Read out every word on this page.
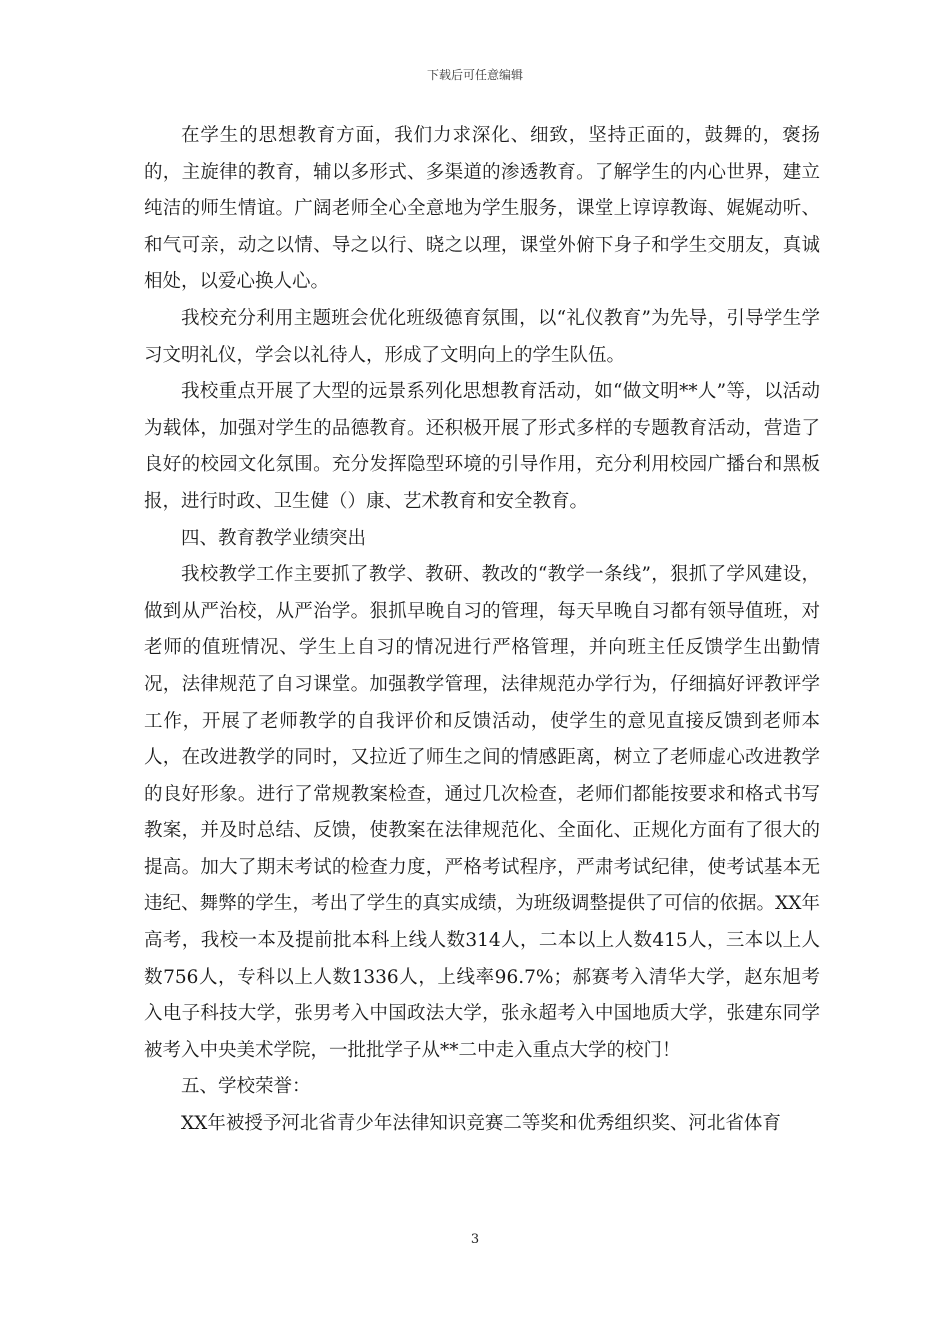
下载后可任意编辑

在学生的思想教育方面，我们力求深化、细致，坚持正面的，鼓舞的，褒扬的，主旋律的教育，辅以多形式、多渠道的渗透教育。了解学生的内心世界，建立纯洁的师生情谊。广阔老师全心全意地为学生服务，课堂上谆谆教诲、娓娓动听、和气可亲，动之以情、导之以行、晓之以理，课堂外俯下身子和学生交朋友，真诚相处，以爱心换人心。

我校充分利用主题班会优化班级德育氛围，以“礼仪教育”为先导，引导学生学习文明礼仪，学会以礼待人，形成了文明向上的学生队伍。

我校重点开展了大型的远景系列化思想教育活动，如“做文明**人”等，以活动为载体，加强对学生的品德教育。还积极开展了形式多样的专题教育活动，营造了良好的校园文化氛围。充分发挥隐型环境的引导作用，充分利用校园广播台和黑板报，进行时政、卫生健（）康、艺术教育和安全教育。

四、教育教学业绩突出

我校教学工作主要抓了教学、教研、教改的“教学一条线”，狠抓了学风建设，做到从严治校，从严治学。狠抓早晚自习的管理，每天早晚自习都有领导值班，对老师的值班情况、学生上自习的情况进行严格管理，并向班主任反馈学生出勤情况，法律规范了自习课堂。加强教学管理，法律规范办学行为，仔细搞好评教评学工作，开展了老师教学的自我评价和反馈活动，使学生的意见直接反馈到老师本人，在改进教学的同时，又拉近了师生之间的情感距离，树立了老师虚心改进教学的良好形象。进行了常规教案检查，通过几次检查，老师们都能按要求和格式书写教案，并及时总结、反馈，使教案在法律规范化、全面化、正规化方面有了很大的提高。加大了期末考试的检查力度，严格考试程序，严肃考试纪律，使考试基本无违纪、舞弊的学生，考出了学生的真实成绩，为班级调整提供了可信的依据。XX年高考，我校一本及提前批本科上线人数314人，二本以上人数415人，三本以上人数756人，专科以上人数1336人，上线率96.7%；郝赛考入清华大学，赵东旭考入电子科技大学，张男考入中国政法大学，张永超考入中国地质大学，张建东同学被考入中央美术学院，一批批学子从**二中走入重点大学的校门！

五、学校荣誉：

XX年被授予河北省青少年法律知识竞赛二等奖和优秀组织奖、河北省体育

3
